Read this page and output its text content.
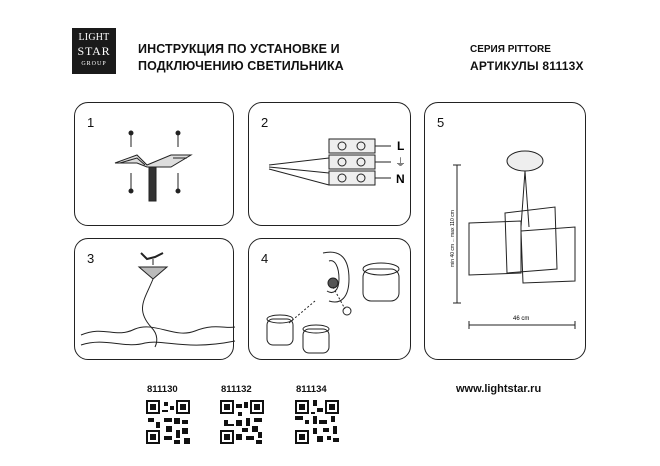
LIGHT
STAR
GROUP
ИНСТРУКЦИЯ ПО УСТАНОВКЕ И
ПОДКЛЮЧЕНИЮ СВЕТИЛЬНИКА
СЕРИЯ PITTORE
АРТИКУЛЫ 81113X
1	2
L
⏚
N
3	4
5
min 40 cm ... max 110 cm
46 cm
811130	811132	811134	www.lightstar.ru
